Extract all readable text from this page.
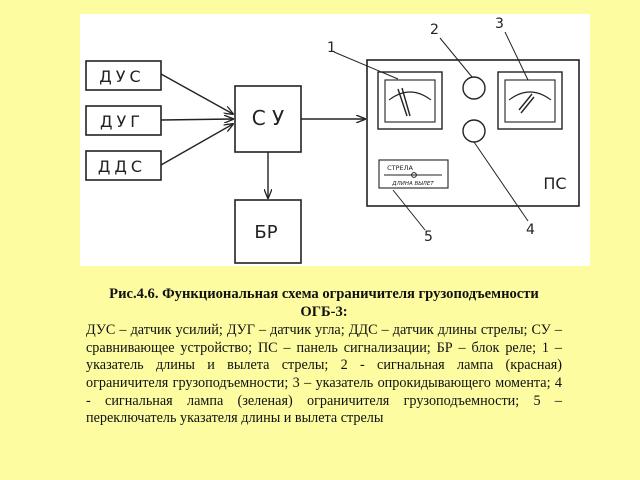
ДУС
ДУГ
ДДС
С У
БР
ПС
СТРЕЛА
ДЛИНА ВЫЛЕТ
1
2	3
4
5

Рис.4.6. Функциональная схема ограничителя грузоподъемности ОГБ-3:

ДУС – датчик усилий; ДУГ – датчик угла; ДДС – датчик длины стрелы; СУ – сравнивающее устройство; ПС – панель сигнализации; БР – блок реле; 1 – указатель длины и вылета стрелы; 2 - сигнальная лампа (красная) ограничителя грузоподъемности; 3 – указатель опрокидывающего момента; 4 - сигнальная лампа (зеленая) ограничителя грузоподъемности; 5 – переключатель указателя длины и вылета стрелы
